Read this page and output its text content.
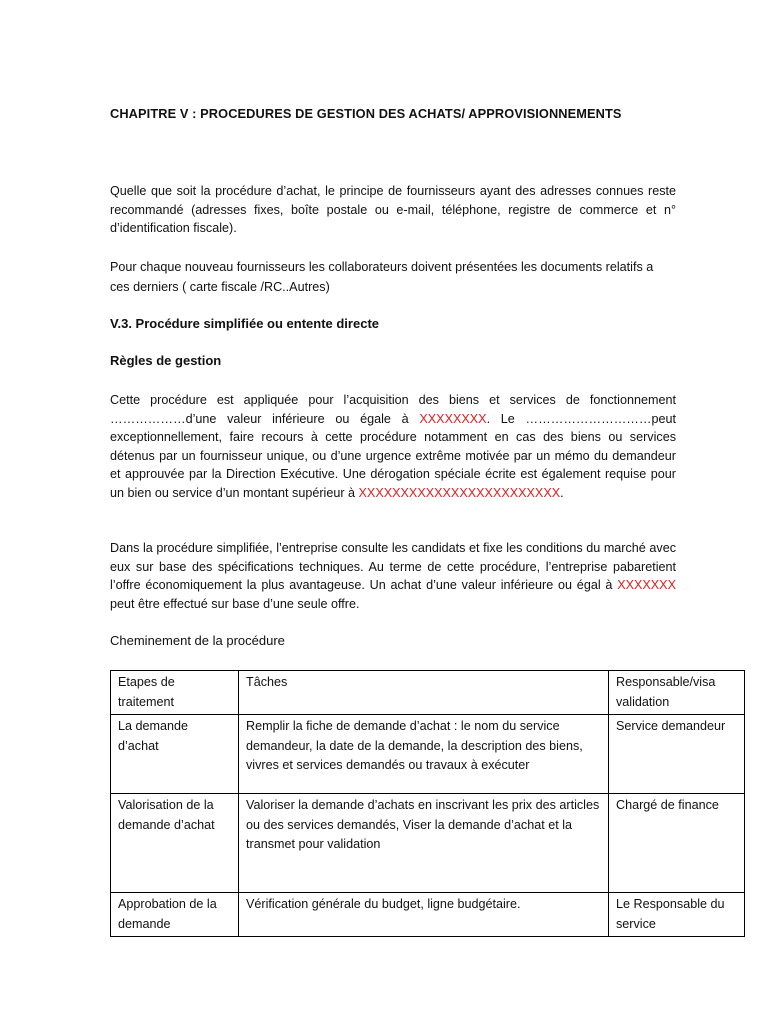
CHAPITRE V : PROCEDURES DE GESTION DES ACHATS/ APPROVISIONNEMENTS
Quelle que soit la procédure d’achat, le principe de fournisseurs ayant des adresses connues reste recommandé (adresses fixes, boîte postale ou e-mail, téléphone, registre de commerce et n° d’identification fiscale).
Pour chaque nouveau fournisseurs les collaborateurs doivent présentées les documents relatifs a ces derniers ( carte fiscale /RC..Autres)
V.3. Procédure simplifiée ou entente directe
Règles de gestion
Cette procédure est appliquée pour l’acquisition des biens et services de fonctionnement ………………d’une valeur inférieure ou égale à XXXXXXXX. Le …………………………peut exceptionnellement, faire recours à cette procédure notamment en cas des biens ou services détenus par un fournisseur unique, ou d’une urgence extrême motivée par un mémo du demandeur et approuvée par la Direction Exécutive. Une dérogation spéciale écrite est également requise pour un bien ou service d’un montant supérieur à XXXXXXXXXXXXXXXXXXXXXXXX.
Dans la procédure simplifiée, l’entreprise consulte les candidats et fixe les conditions du marché avec eux sur base des spécifications techniques. Au terme de cette procédure, l’entreprise pabaretient l’offre économiquement la plus avantageuse. Un achat d’une valeur inférieure ou égal à XXXXXXX peut être effectué sur base d’une seule offre.
Cheminement de la procédure
Etapes de traitement	Tâches	Responsable/visa validation
La demande d’achat	Remplir la fiche de demande d’achat : le nom du service demandeur, la date de la demande, la description des biens, vivres et services demandés ou travaux à exécuter	Service demandeur
Valorisation de la demande d’achat	Valoriser la demande d’achats en inscrivant les prix des articles ou des services demandés, Viser la demande d’achat et la transmet pour validation	Chargé de finance
Approbation de la demande	Vérification générale du budget, ligne budgétaire.	Le Responsable du service
